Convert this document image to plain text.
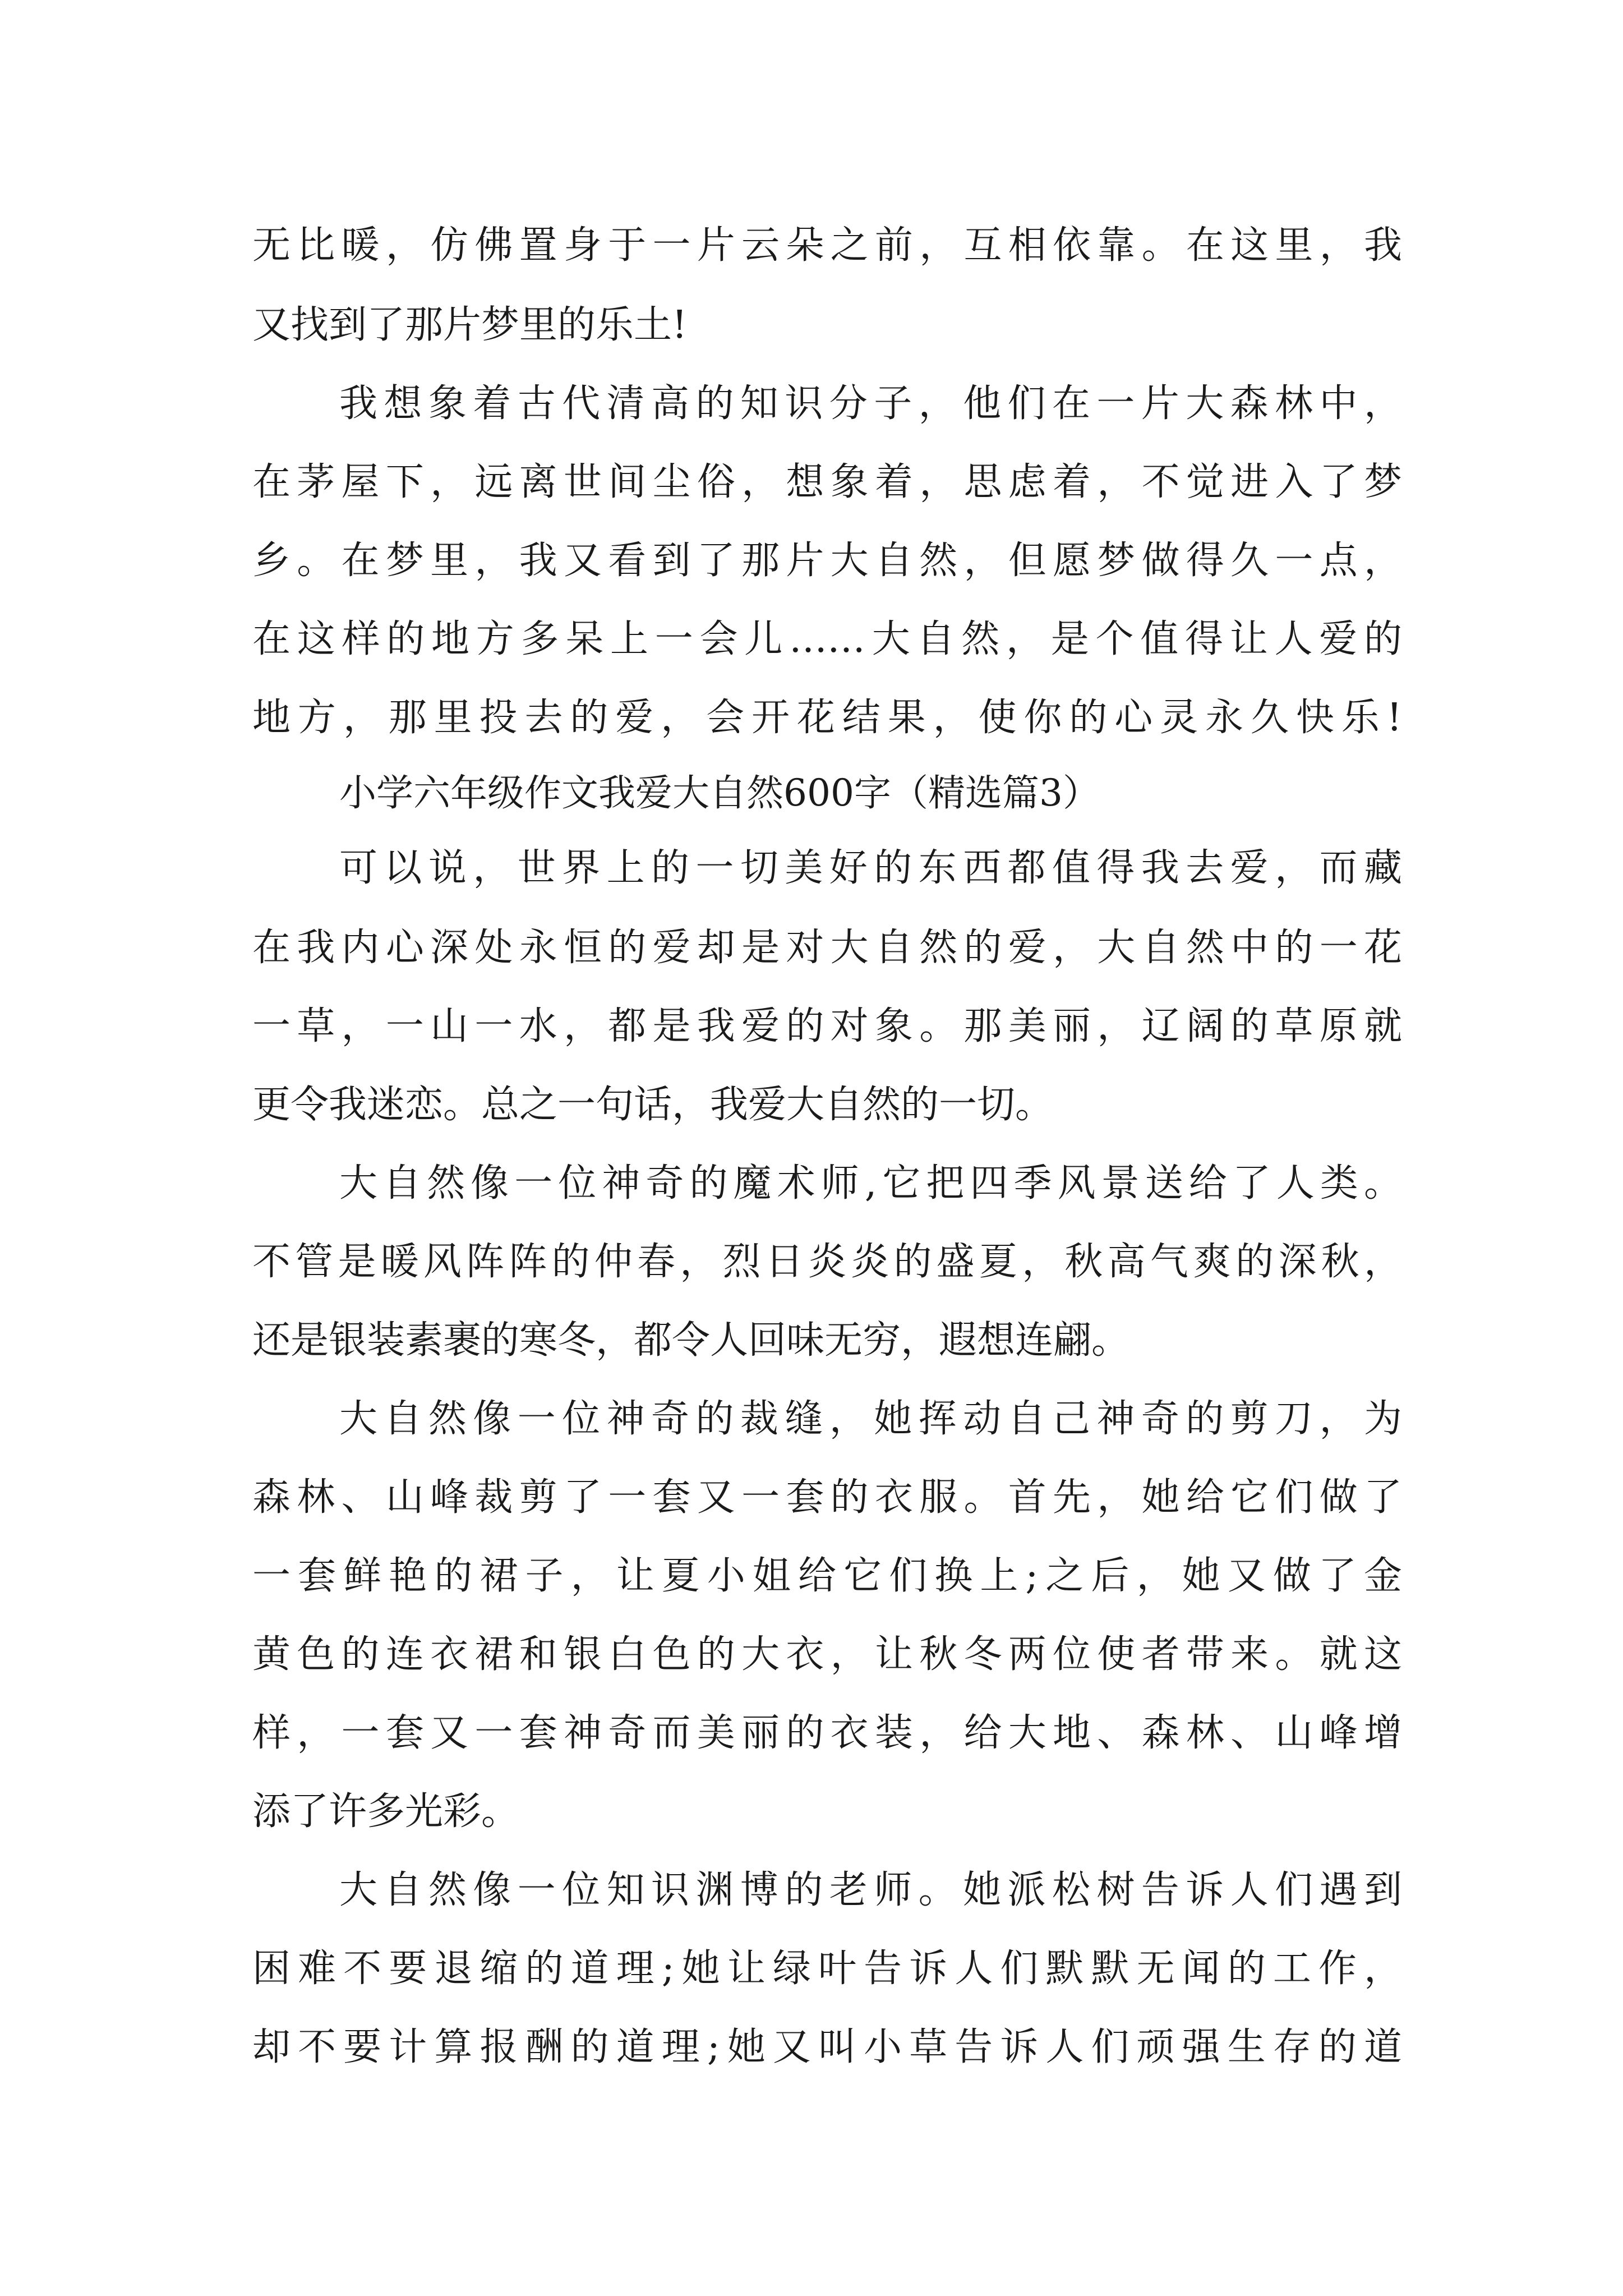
无比暖，仿佛置身于一片云朵之前，互相依靠。在这里，我
又找到了那片梦里的乐土!
我想象着古代清高的知识分子，他们在一片大森林中，
在茅屋下，远离世间尘俗，想象着，思虑着，不觉进入了梦
乡。在梦里，我又看到了那片大自然，但愿梦做得久一点，
在这样的地方多呆上一会儿……大自然，是个值得让人爱的
地方，那里投去的爱，会开花结果，使你的心灵永久快乐!
小学六年级作文我爱大自然600字（精选篇3）
可以说，世界上的一切美好的东西都值得我去爱，而藏
在我内心深处永恒的爱却是对大自然的爱，大自然中的一花
一草，一山一水，都是我爱的对象。那美丽，辽阔的草原就
更令我迷恋。总之一句话，我爱大自然的一切。
大自然像一位神奇的魔术师,它把四季风景送给了人类。
不管是暖风阵阵的仲春，烈日炎炎的盛夏，秋高气爽的深秋，
还是银装素裹的寒冬，都令人回味无穷，遐想连翩。
大自然像一位神奇的裁缝，她挥动自己神奇的剪刀，为
森林、山峰裁剪了一套又一套的衣服。首先，她给它们做了
一套鲜艳的裙子，让夏小姐给它们换上;之后，她又做了金
黄色的连衣裙和银白色的大衣，让秋冬两位使者带来。就这
样，一套又一套神奇而美丽的衣装，给大地、森林、山峰增
添了许多光彩。
大自然像一位知识渊博的老师。她派松树告诉人们遇到
困难不要退缩的道理;她让绿叶告诉人们默默无闻的工作，
却不要计算报酬的道理;她又叫小草告诉人们顽强生存的道
